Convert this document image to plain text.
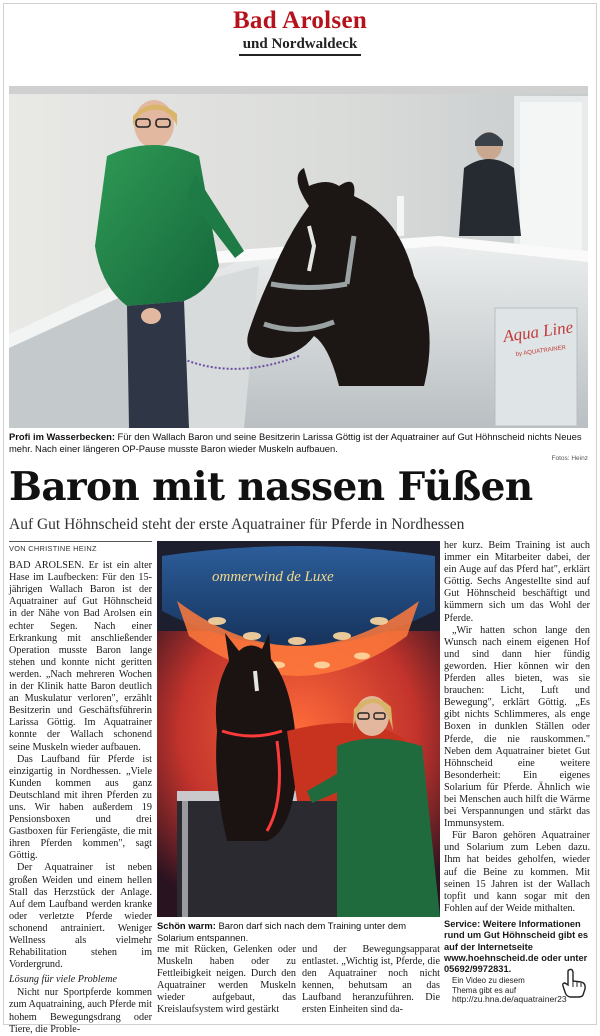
Bad Arolsen
und Nordwaldeck
Aqua Line
by AQUATRAINER
Profi im Wasserbecken: Für den Wallach Baron und seine Besitzerin Larissa Göttig ist der Aquatrainer auf Gut Höhnscheid nichts Neues mehr. Nach einer längeren OP-Pause musste Baron wieder Muskeln aufbauen.
Fotos: Heinz
Baron mit nassen Füßen
Auf Gut Höhnscheid steht der erste Aquatrainer für Pferde in Nordhessen
VON CHRISTINE HEINZ

BAD AROLSEN. Er ist ein alter Hase im Laufbecken: Für den 15-jährigen Wallach Baron ist der Aquatrainer auf Gut Höhnscheid in der Nähe von Bad Arolsen ein echter Segen. Nach einer Erkrankung mit anschließender Operation musste Baron lange stehen und konnte nicht geritten werden. „Nach mehreren Wochen in der Klinik hatte Baron deutlich an Muskulatur verloren", erzählt Besitzerin und Geschäftsführerin Larissa Göttig. Im Aquatrainer konnte der Wallach schonend seine Muskeln wieder aufbauen.

Das Laufband für Pferde ist einzigartig in Nordhessen. „Viele Kunden kommen aus ganz Deutschland mit ihren Pferden zu uns. Wir haben außerdem 19 Pensionsboxen und drei Gastboxen für Feriengäste, die mit ihren Pferden kommen", sagt Göttig.

Der Aquatrainer ist neben großen Weiden und einem hellen Stall das Herzstück der Anlage. Auf dem Laufband werden kranke oder verletzte Pferde wieder schonend antrainiert. Weniger Wellness als vielmehr Rehabilitation stehen im Vordergrund.

Lösung für viele Probleme

Nicht nur Sportpferde kommen zum Aquatraining, auch Pferde mit hohem Bewegungsdrang oder Tiere, die Proble-

ommerwind de Luxe
Schön warm: Baron darf sich nach dem Training unter dem Solarium entspannen.
me mit Rücken, Gelenken oder Muskeln haben oder zu Fettleibigkeit neigen. Durch den Aquatrainer werden Muskeln wieder aufgebaut, das Kreislaufsystem wird gestärkt
und der Bewegungsapparat entlastet. „Wichtig ist, Pferde, die den Aquatrainer noch nicht kennen, behutsam an das Laufband heranzuführen. Die ersten Einheiten sind da-

her kurz. Beim Training ist auch immer ein Mitarbeiter dabei, der ein Auge auf das Pferd hat", erklärt Göttig. Sechs Angestellte sind auf Gut Höhnscheid beschäftigt und kümmern sich um das Wohl der Pferde.

„Wir hatten schon lange den Wunsch nach einem eigenen Hof und sind dann hier fündig geworden. Hier können wir den Pferden alles bieten, was sie brauchen: Licht, Luft und Bewegung", erklärt Göttig. „Es gibt nichts Schlimmeres, als enge Boxen in dunklen Ställen oder Pferde, die nie rauskommen." Neben dem Aquatrainer bietet Gut Höhnscheid eine weitere Besonderheit: Ein eigenes Solarium für Pferde. Ähnlich wie bei Menschen auch hilft die Wärme bei Verspannungen und stärkt das Immunsystem.

Für Baron gehören Aquatrainer und Solarium zum Leben dazu. Ihm hat beides geholfen, wieder auf die Beine zu kommen. Mit seinen 15 Jahren ist der Wallach topfit und kann sogar mit den Fohlen auf der Weide mithalten.

Service: Weitere Informationen rund um Gut Höhnscheid gibt es auf der Internetseite www.hoehnscheid.de oder unter 05692/9972831.

Ein Video zu diesem
Thema gibt es auf
http://zu.hna.de/aquatrainer23
